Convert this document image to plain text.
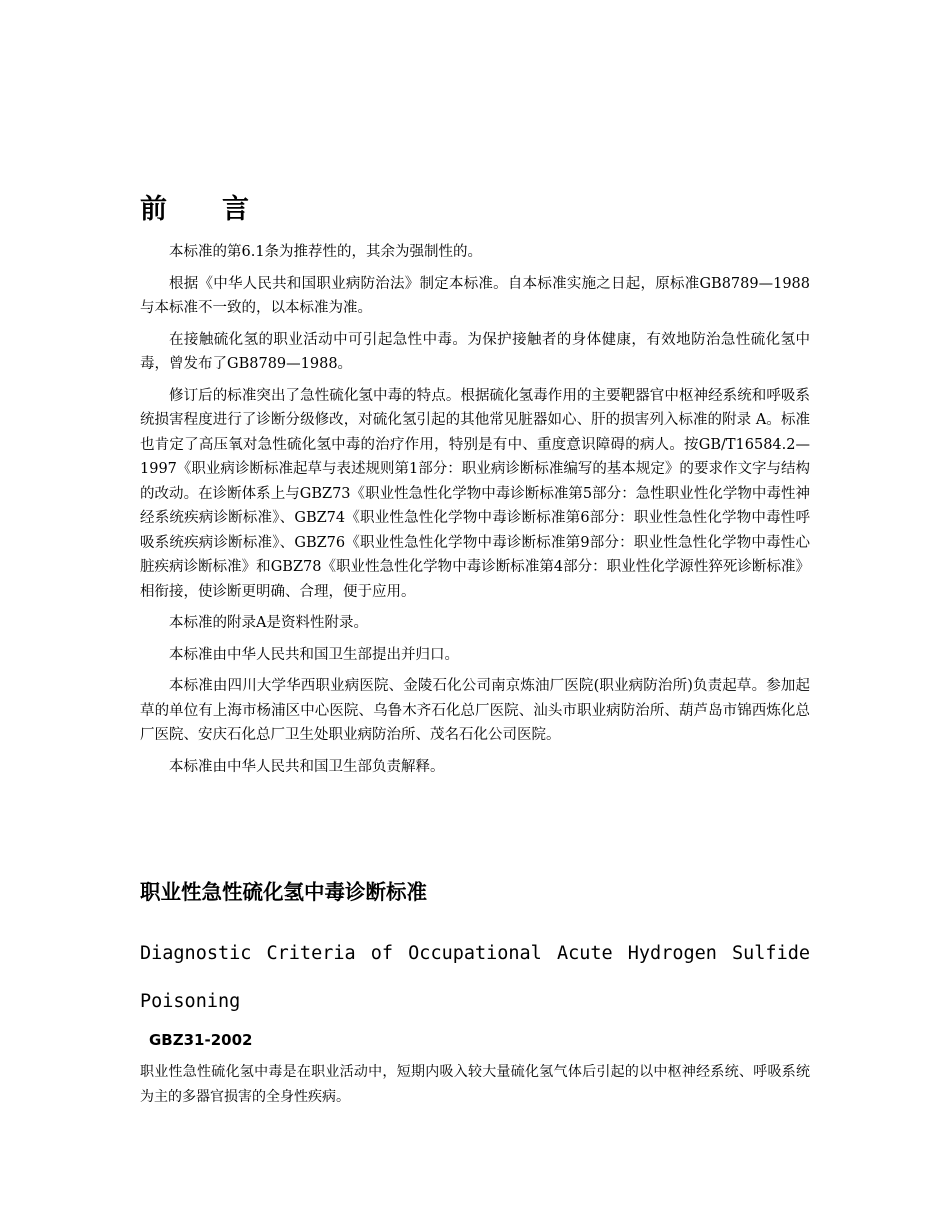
前言

本标准的第6.1条为推荐性的，其余为强制性的。

根据《中华人民共和国职业病防治法》制定本标准。自本标准实施之日起，原标准GB8789—1988与本标准不一致的，以本标准为准。

在接触硫化氢的职业活动中可引起急性中毒。为保护接触者的身体健康，有效地防治急性硫化氢中毒，曾发布了GB8789—1988。

修订后的标准突出了急性硫化氢中毒的特点。根据硫化氢毒作用的主要靶器官中枢神经系统和呼吸系统损害程度进行了诊断分级修改，对硫化氢引起的其他常见脏器如心、肝的损害列入标准的附录 A。标准也肯定了高压氧对急性硫化氢中毒的治疗作用，特别是有中、重度意识障碍的病人。按GB/T16584.2—1997《职业病诊断标准起草与表述规则第1部分：职业病诊断标准编写的基本规定》的要求作文字与结构的改动。在诊断体系上与GBZ73《职业性急性化学物中毒诊断标准第5部分：急性职业性化学物中毒性神经系统疾病诊断标准》、GBZ74《职业性急性化学物中毒诊断标准第6部分：职业性急性化学物中毒性呼吸系统疾病诊断标准》、GBZ76《职业性急性化学物中毒诊断标准第9部分：职业性急性化学物中毒性心脏疾病诊断标准》和GBZ78《职业性急性化学物中毒诊断标准第4部分：职业性化学源性猝死诊断标准》相衔接，使诊断更明确、合理，便于应用。

本标准的附录A是资料性附录。

本标准由中华人民共和国卫生部提出并归口。

本标准由四川大学华西职业病医院、金陵石化公司南京炼油厂医院(职业病防治所)负责起草。参加起草的单位有上海市杨浦区中心医院、乌鲁木齐石化总厂医院、汕头市职业病防治所、葫芦岛市锦西炼化总厂医院、安庆石化总厂卫生处职业病防治所、茂名石化公司医院。

本标准由中华人民共和国卫生部负责解释。

职业性急性硫化氢中毒诊断标准

Diagnostic Criteria of Occupational Acute Hydrogen Sulfide Poisoning

GBZ31-2002

职业性急性硫化氢中毒是在职业活动中，短期内吸入较大量硫化氢气体后引起的以中枢神经系统、呼吸系统为主的多器官损害的全身性疾病。
